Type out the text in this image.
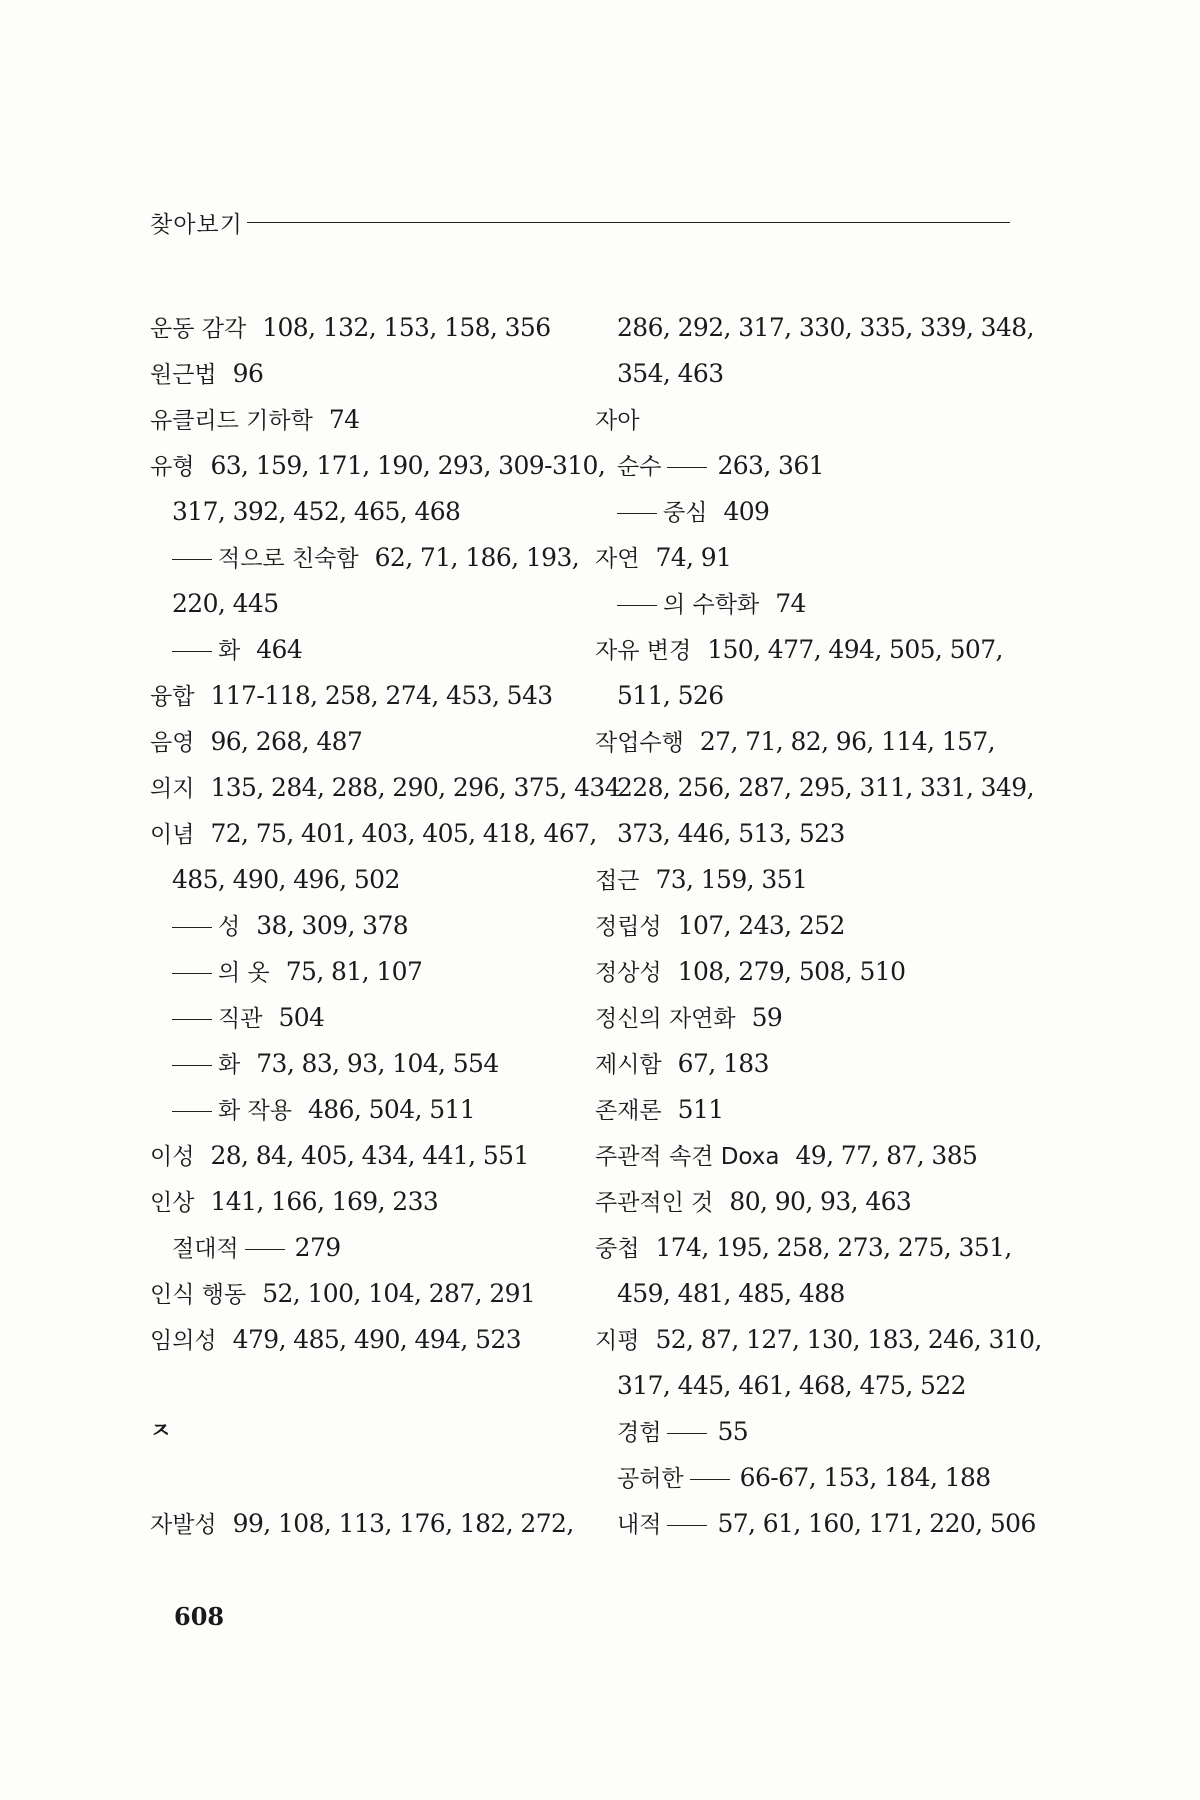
찾아보기
운동 감각 108, 132, 153, 158, 356
원근법 96
유클리드 기하학 74
유형 63, 159, 171, 190, 293, 309-310,
317, 392, 452, 465, 468
적으로 친숙함 62, 71, 186, 193,
220, 445
화 464
융합 117-118, 258, 274, 453, 543
음영 96, 268, 487
의지 135, 284, 288, 290, 296, 375, 434
이념 72, 75, 401, 403, 405, 418, 467,
485, 490, 496, 502
성 38, 309, 378
의 옷 75, 81, 107
직관 504
화 73, 83, 93, 104, 554
화 작용 486, 504, 511
이성 28, 84, 405, 434, 441, 551
인상 141, 166, 169, 233
절대적 279
인식 행동 52, 100, 104, 287, 291
임의성 479, 485, 490, 494, 523
ㅈ
자발성 99, 108, 113, 176, 182, 272,
286, 292, 317, 330, 335, 339, 348,
354, 463
자아
순수 263, 361
중심 409
자연 74, 91
의 수학화 74
자유 변경 150, 477, 494, 505, 507,
511, 526
작업수행 27, 71, 82, 96, 114, 157,
228, 256, 287, 295, 311, 331, 349,
373, 446, 513, 523
접근 73, 159, 351
정립성 107, 243, 252
정상성 108, 279, 508, 510
정신의 자연화 59
제시함 67, 183
존재론 511
주관적 속견 Doxa 49, 77, 87, 385
주관적인 것 80, 90, 93, 463
중첩 174, 195, 258, 273, 275, 351,
459, 481, 485, 488
지평 52, 87, 127, 130, 183, 246, 310,
317, 445, 461, 468, 475, 522
경험 55
공허한 66-67, 153, 184, 188
내적 57, 61, 160, 171, 220, 506
608
